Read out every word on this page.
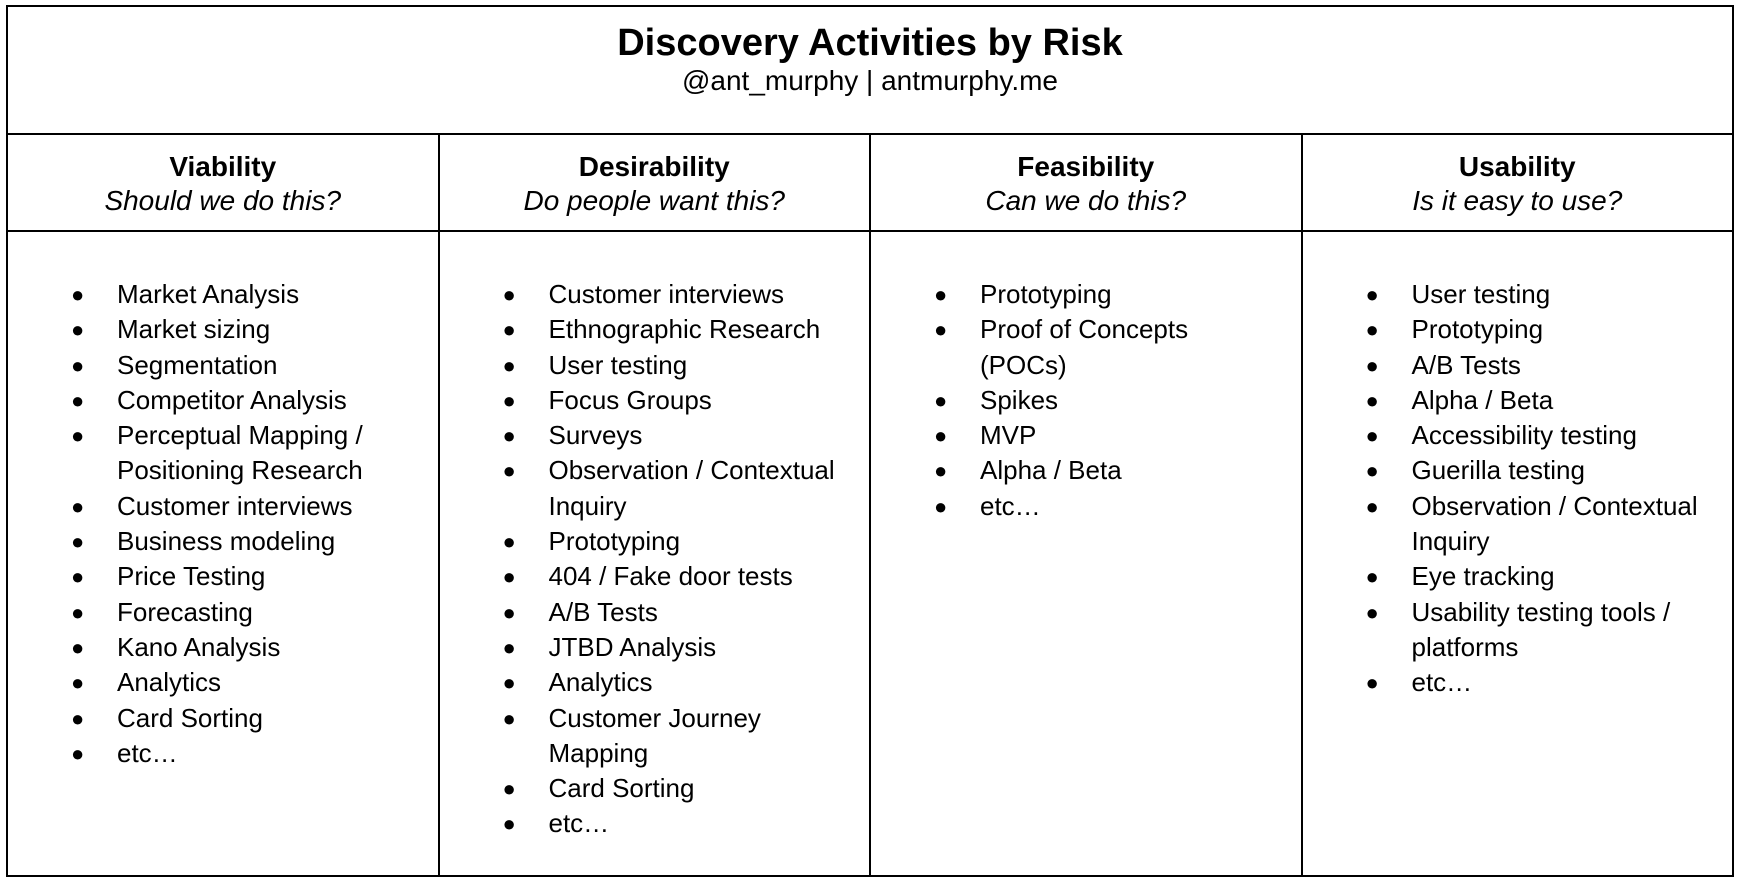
Discovery Activities by Risk
@ant_murphy | antmurphy.me
Viability
Should we do this?
● Market Analysis
● Market sizing
● Segmentation
● Competitor Analysis
● Perceptual Mapping / Positioning Research
● Customer interviews
● Business modeling
● Price Testing
● Forecasting
● Kano Analysis
● Analytics
● Card Sorting
● etc…
Desirability
Do people want this?
● Customer interviews
● Ethnographic Research
● User testing
● Focus Groups
● Surveys
● Observation / Contextual Inquiry
● Prototyping
● 404 / Fake door tests
● A/B Tests
● JTBD Analysis
● Analytics
● Customer Journey Mapping
● Card Sorting
● etc…
Feasibility
Can we do this?
● Prototyping
● Proof of Concepts (POCs)
● Spikes
● MVP
● Alpha / Beta
● etc…
Usability
Is it easy to use?
● User testing
● Prototyping
● A/B Tests
● Alpha / Beta
● Accessibility testing
● Guerilla testing
● Observation / Contextual Inquiry
● Eye tracking
● Usability testing tools / platforms
● etc…
